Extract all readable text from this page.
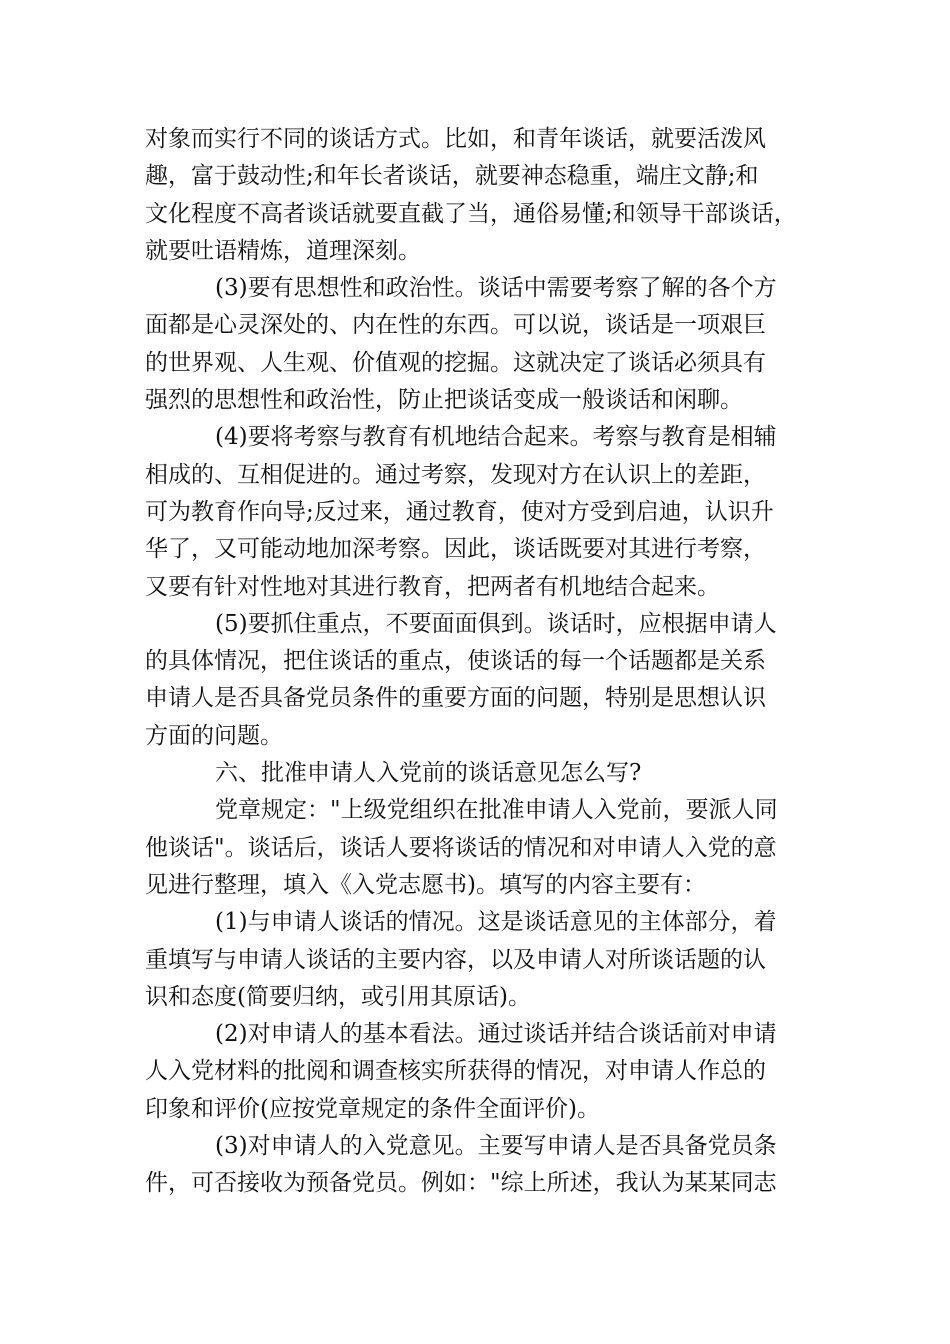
对象而实行不同的谈话方式。比如，和青年谈话，就要活泼风
趣，富于鼓动性;和年长者谈话，就要神态稳重，端庄文静;和
文化程度不高者谈话就要直截了当，通俗易懂;和领导干部谈话，
就要吐语精炼，道理深刻。
(3)要有思想性和政治性。谈话中需要考察了解的各个方
面都是心灵深处的、内在性的东西。可以说，谈话是一项艰巨
的世界观、人生观、价值观的挖掘。这就决定了谈话必须具有
强烈的思想性和政治性，防止把谈话变成一般谈话和闲聊。
(4)要将考察与教育有机地结合起来。考察与教育是相辅
相成的、互相促进的。通过考察，发现对方在认识上的差距，
可为教育作向导;反过来，通过教育，使对方受到启迪，认识升
华了，又可能动地加深考察。因此，谈话既要对其进行考察，
又要有针对性地对其进行教育，把两者有机地结合起来。
(5)要抓住重点，不要面面俱到。谈话时，应根据申请人
的具体情况，把住谈话的重点，使谈话的每一个话题都是关系
申请人是否具备党员条件的重要方面的问题，特别是思想认识
方面的问题。
六、批准申请人入党前的谈话意见怎么写?
党章规定："上级党组织在批准申请人入党前，要派人同
他谈话"。谈话后，谈话人要将谈话的情况和对申请人入党的意
见进行整理，填入《入党志愿书)。填写的内容主要有：
(1)与申请人谈话的情况。这是谈话意见的主体部分，着
重填写与申请人谈话的主要内容，以及申请人对所谈话题的认
识和态度(简要归纳，或引用其原话)。
(2)对申请人的基本看法。通过谈话并结合谈话前对申请
人入党材料的批阅和调查核实所获得的情况，对申请人作总的
印象和评价(应按党章规定的条件全面评价)。
(3)对申请人的入党意见。主要写申请人是否具备党员条
件，可否接收为预备党员。例如："综上所述，我认为某某同志
